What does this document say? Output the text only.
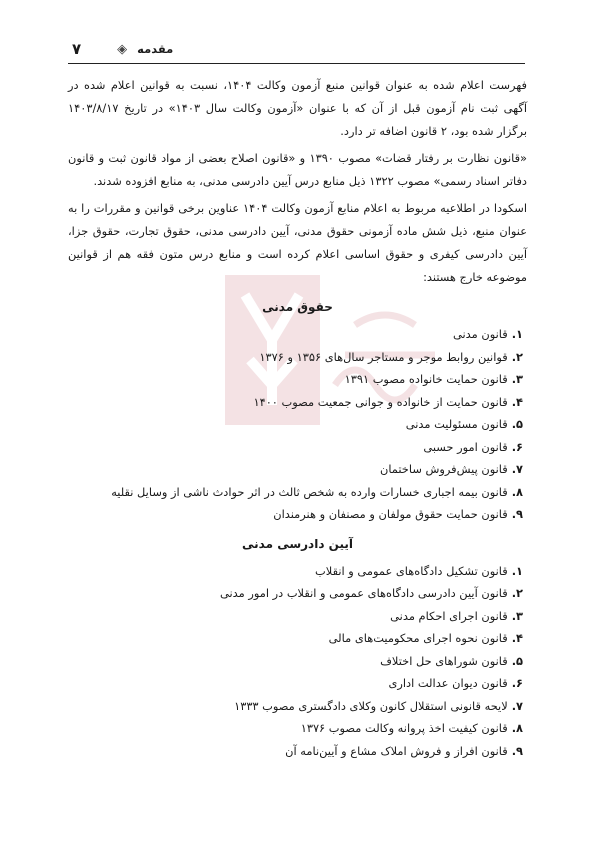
۷	◈ مقدمه

فهرست اعلام شده به عنوان قوانین منبع آزمون وکالت ۱۴۰۴، نسبت به قوانین اعلام شده در آگهی ثبت نام آزمون قبل از آن که با عنوان «آزمون وکالت سال ۱۴۰۳» در تاریخ ۱۴۰۳/۸/۱۷ برگزار شده بود، ۲ قانون اضافه تر دارد.

«قانون نظارت بر رفتار قضات» مصوب ۱۳۹۰ و «قانون اصلاح بعضی از مواد قانون ثبت و قانون دفاتر اسناد رسمی» مصوب ۱۳۲۲ ذیل منابع درس آیین دادرسی مدنی، به منابع افزوده شدند.

اسکودا در اطلاعیه مربوط به اعلام منابع آزمون وکالت ۱۴۰۴ عناوین برخی قوانین و مقررات را به عنوان منبع، ذیل شش ماده آزمونی حقوق مدنی، آیین دادرسی مدنی، حقوق تجارت، حقوق جزا، آیین دادرسی کیفری و حقوق اساسی اعلام کرده است و منابع درس متون فقه هم از قوانین موضوعه خارج هستند:

حقوق مدنی
۱.قانون مدنی
۲.قوانین روابط موجر و مستاجر سال‌های ۱۳۵۶ و ۱۳۷۶
۳.قانون حمایت خانواده مصوب ۱۳۹۱
۴.قانون حمایت از خانواده و جوانی جمعیت مصوب ۱۴۰۰
۵.قانون مسئولیت مدنی
۶.قانون امور حسبی
۷.قانون پیش‌فروش ساختمان
۸.قانون بیمه اجباری خسارات وارده به شخص ثالث در اثر حوادث ناشی از وسایل نقلیه
۹.قانون حمایت حقوق مولفان و مصنفان و هنرمندان
آیین دادرسی مدنی
۱.قانون تشکیل دادگاه‌های عمومی و انقلاب
۲.قانون آیین دادرسی دادگاه‌های عمومی و انقلاب در امور مدنی
۳.قانون اجرای احکام مدنی
۴.قانون نحوه اجرای محکومیت‌های مالی
۵.قانون شوراهای حل اختلاف
۶.قانون دیوان عدالت اداری
۷.لایحه قانونی استقلال کانون وکلای دادگستری مصوب ۱۳۳۳
۸.قانون کیفیت اخذ پروانه وکالت مصوب ۱۳۷۶
۹.قانون افراز و فروش املاک مشاع و آیین‌نامه آن
